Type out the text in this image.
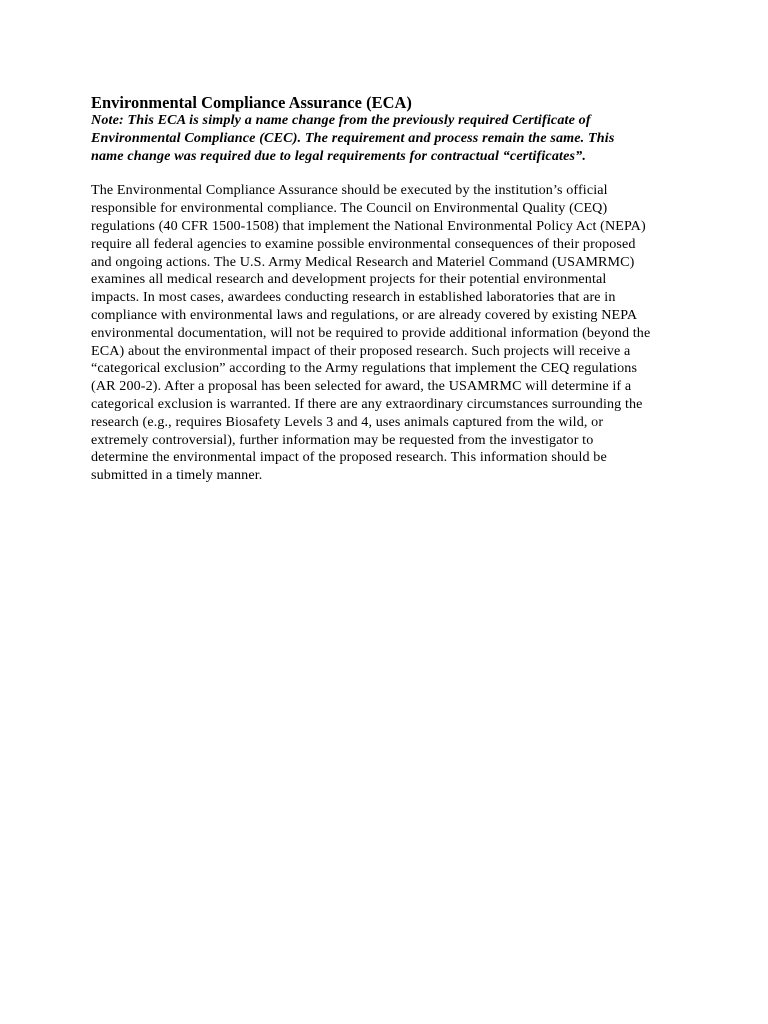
Environmental Compliance Assurance (ECA)

Note: This ECA is simply a name change from the previously required Certificate of
Environmental Compliance (CEC). The requirement and process remain the same. This
name change was required due to legal requirements for contractual “certificates”.

The Environmental Compliance Assurance should be executed by the institution’s official
responsible for environmental compliance. The Council on Environmental Quality (CEQ)
regulations (40 CFR 1500-1508) that implement the National Environmental Policy Act (NEPA)
require all federal agencies to examine possible environmental consequences of their proposed
and ongoing actions. The U.S. Army Medical Research and Materiel Command (USAMRMC)
examines all medical research and development projects for their potential environmental
impacts. In most cases, awardees conducting research in established laboratories that are in
compliance with environmental laws and regulations, or are already covered by existing NEPA
environmental documentation, will not be required to provide additional information (beyond the
ECA) about the environmental impact of their proposed research. Such projects will receive a
“categorical exclusion” according to the Army regulations that implement the CEQ regulations
(AR 200-2). After a proposal has been selected for award, the USAMRMC will determine if a
categorical exclusion is warranted. If there are any extraordinary circumstances surrounding the
research (e.g., requires Biosafety Levels 3 and 4, uses animals captured from the wild, or
extremely controversial), further information may be requested from the investigator to
determine the environmental impact of the proposed research. This information should be
submitted in a timely manner.
